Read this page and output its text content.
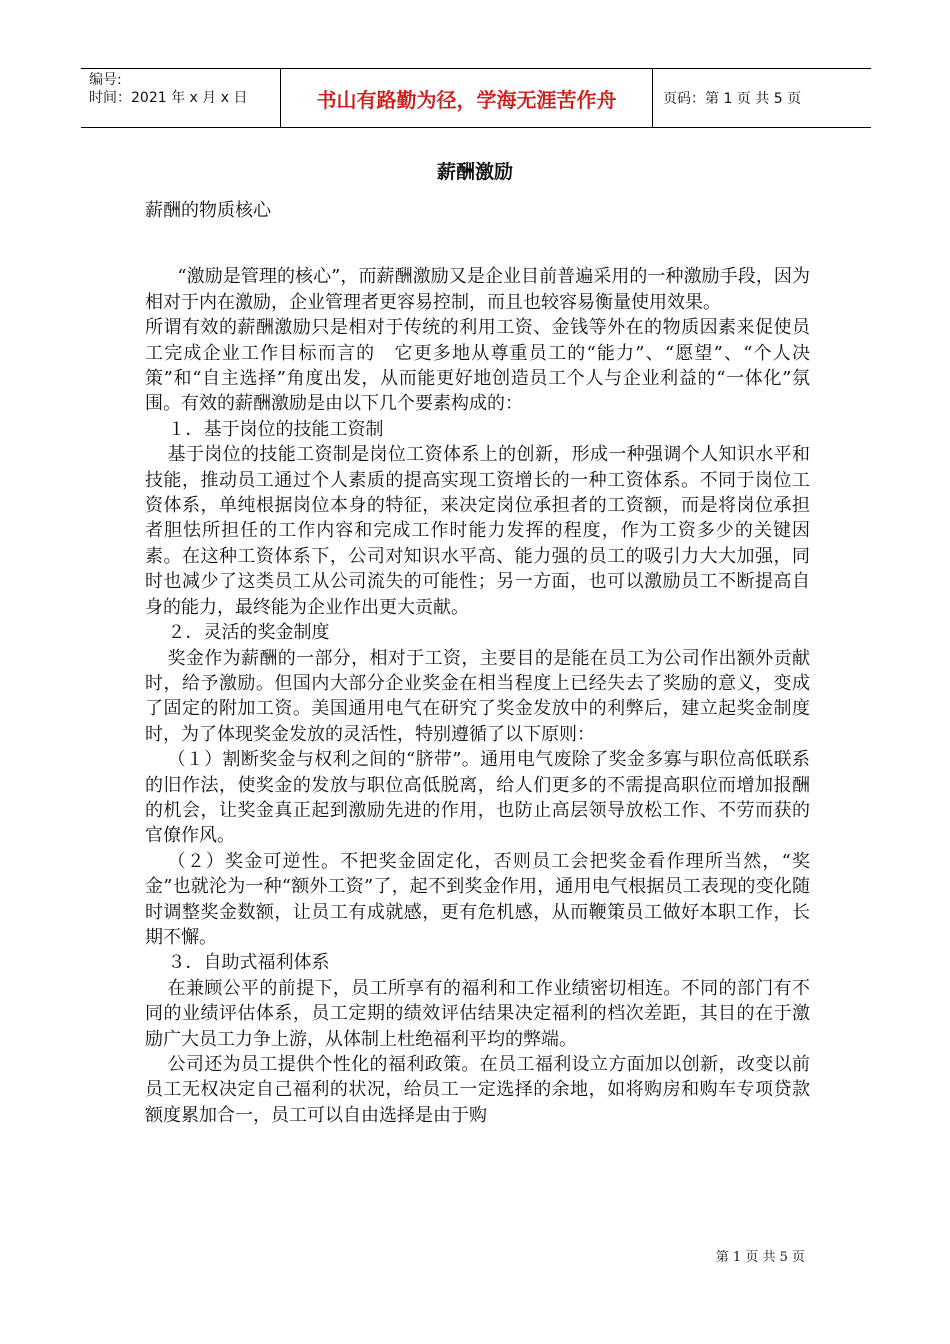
编号:
时间：2021 年 x 月 x 日	书山有路勤为径，学海无涯苦作舟	页码：第 1 页 共 5 页
薪酬激励

薪酬的物质核心

“激励是管理的核心”，而薪酬激励又是企业目前普遍采用的一种激励手段，因为相对于内在激励，企业管理者更容易控制，而且也较容易衡量使用效果。

所谓有效的薪酬激励只是相对于传统的利用工资、金钱等外在的物质因素来促使员工完成企业工作目标而言的　它更多地从尊重员工的“能力”、“愿望”、“个人决策”和“自主选择”角度出发，从而能更好地创造员工个人与企业利益的“一体化”氛围。有效的薪酬激励是由以下几个要素构成的：

１．基于岗位的技能工资制

基于岗位的技能工资制是岗位工资体系上的创新，形成一种强调个人知识水平和技能，推动员工通过个人素质的提高实现工资增长的一种工资体系。不同于岗位工资体系，单纯根据岗位本身的特征，来决定岗位承担者的工资额，而是将岗位承担者胆怯所担任的工作内容和完成工作时能力发挥的程度，作为工资多少的关键因素。在这种工资体系下，公司对知识水平高、能力强的员工的吸引力大大加强，同时也减少了这类员工从公司流失的可能性；另一方面，也可以激励员工不断提高自身的能力，最终能为企业作出更大贡献。

２．灵活的奖金制度

奖金作为薪酬的一部分，相对于工资，主要目的是能在员工为公司作出额外贡献时，给予激励。但国内大部分企业奖金在相当程度上已经失去了奖励的意义，变成了固定的附加工资。美国通用电气在研究了奖金发放中的利弊后，建立起奖金制度时，为了体现奖金发放的灵活性，特别遵循了以下原则：

（１）割断奖金与权利之间的“脐带”。通用电气废除了奖金多寡与职位高低联系的旧作法，使奖金的发放与职位高低脱离，给人们更多的不需提高职位而增加报酬的机会，让奖金真正起到激励先进的作用，也防止高层领导放松工作、不劳而获的官僚作风。

（２）奖金可逆性。不把奖金固定化，否则员工会把奖金看作理所当然，“奖金”也就沦为一种“额外工资”了，起不到奖金作用，通用电气根据员工表现的变化随时调整奖金数额，让员工有成就感，更有危机感，从而鞭策员工做好本职工作，长期不懈。

３．自助式福利体系

在兼顾公平的前提下，员工所享有的福利和工作业绩密切相连。不同的部门有不同的业绩评估体系，员工定期的绩效评估结果决定福利的档次差距，其目的在于激励广大员工力争上游，从体制上杜绝福利平均的弊端。

公司还为员工提供个性化的福利政策。在员工福利设立方面加以创新，改变以前员工无权决定自己福利的状况，给员工一定选择的余地，如将购房和购车专项贷款额度累加合一，员工可以自由选择是由于购

第 1 页 共 5 页
